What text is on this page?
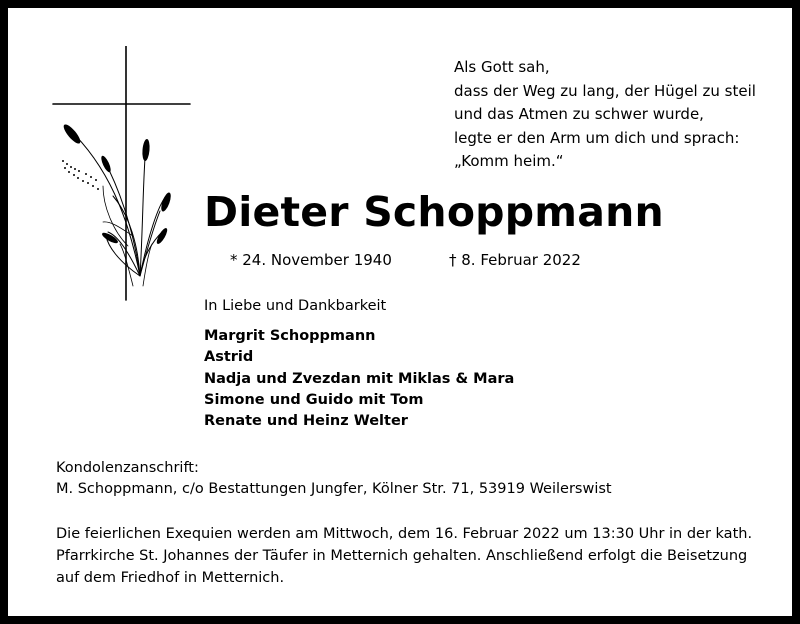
Als Gott sah,
dass der Weg zu lang, der Hügel zu steil
und das Atmen zu schwer wurde,
legte er den Arm um dich und sprach:
„Komm heim.“
Dieter Schoppmann
* 24. November 1940	† 8. Februar 2022
In Liebe und Dankbarkeit
Margrit Schoppmann
Astrid
Nadja und Zvezdan mit Miklas & Mara
Simone und Guido mit Tom
Renate und Heinz Welter
Kondolenzanschrift:
M. Schoppmann, c/o Bestattungen Jungfer, Kölner Str. 71, 53919 Weilerswist
Die feierlichen Exequien werden am Mittwoch, dem 16. Februar 2022 um 13:30 Uhr in der kath.
Pfarrkirche St. Johannes der Täufer in Metternich gehalten. Anschließend erfolgt die Beisetzung
auf dem Friedhof in Metternich.
